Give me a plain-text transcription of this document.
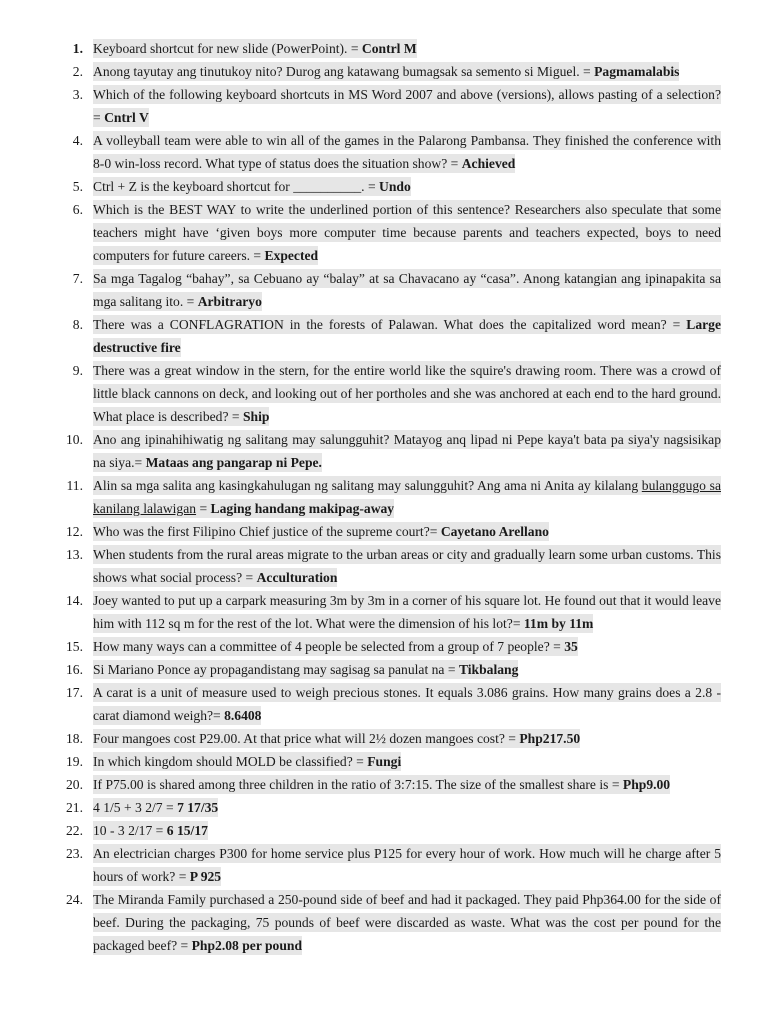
1. Keyboard shortcut for new slide (PowerPoint). = Contrl M
2. Anong tayutay ang tinutukoy nito? Durog ang katawang bumagsak sa semento si Miguel. = Pagmamalabis
3. Which of the following keyboard shortcuts in MS Word 2007 and above (versions), allows pasting of a selection? = Cntrl V
4. A volleyball team were able to win all of the games in the Palarong Pambansa. They finished the conference with 8-0 win-loss record. What type of status does the situation show? = Achieved
5. Ctrl + Z is the keyboard shortcut for __________. = Undo
6. Which is the BEST WAY to write the underlined portion of this sentence? Researchers also speculate that some teachers might have ‘given boys more computer time because parents and teachers expected, boys to need computers for future careers. = Expected
7. Sa mga Tagalog “bahay”, sa Cebuano ay “balay” at sa Chavacano ay “casa”. Anong katangian ang ipinapakita sa mga salitang ito. = Arbitraryo
8. There was a CONFLAGRATION in the forests of Palawan. What does the capitalized word mean? = Large destructive fire
9. There was a great window in the stern, for the entire world like the squire's drawing room. There was a crowd of little black cannons on deck, and looking out of her portholes and she was anchored at each end to the hard ground. What place is described? = Ship
10. Ano ang ipinahihiwatig ng salitang may salungguhit? Matayog anq lipad ni Pepe kaya't bata pa siya'y nagsisikap na siya.= Mataas ang pangarap ni Pepe.
11. Alin sa mga salita ang kasingkahulugan ng salitang may salungguhit? Ang ama ni Anita ay kilalang bulanggugo sa kanilang lalawigan = Laging handang makipag-away
12. Who was the first Filipino Chief justice of the supreme court?= Cayetano Arellano
13. When students from the rural areas migrate to the urban areas or city and gradually learn some urban customs. This shows what social process? = Acculturation
14. Joey wanted to put up a carpark measuring 3m by 3m in a corner of his square lot. He found out that it would leave him with 112 sq m for the rest of the lot. What were the dimension of his lot?= 11m by 11m
15. How many ways can a committee of 4 people be selected from a group of 7 people? = 35
16. Si Mariano Ponce ay propagandistang may sagisag sa panulat na = Tikbalang
17. A carat is a unit of measure used to weigh precious stones. It equals 3.086 grains. How many grains does a 2.8 -carat diamond weigh?= 8.6408
18. Four mangoes cost P29.00. At that price what will 2½ dozen mangoes cost? = Php217.50
19. In which kingdom should MOLD be classified? = Fungi
20. If P75.00 is shared among three children in the ratio of 3:7:15. The size of the smallest share is = Php9.00
21. 4 1/5 + 3 2/7 = 7 17/35
22. 10 - 3 2/17 = 6 15/17
23. An electrician charges P300 for home service plus P125 for every hour of work. How much will he charge after 5 hours of work? = P 925
24. The Miranda Family purchased a 250-pound side of beef and had it packaged. They paid Php364.00 for the side of beef. During the packaging, 75 pounds of beef were discarded as waste. What was the cost per pound for the packaged beef? = Php2.08 per pound
